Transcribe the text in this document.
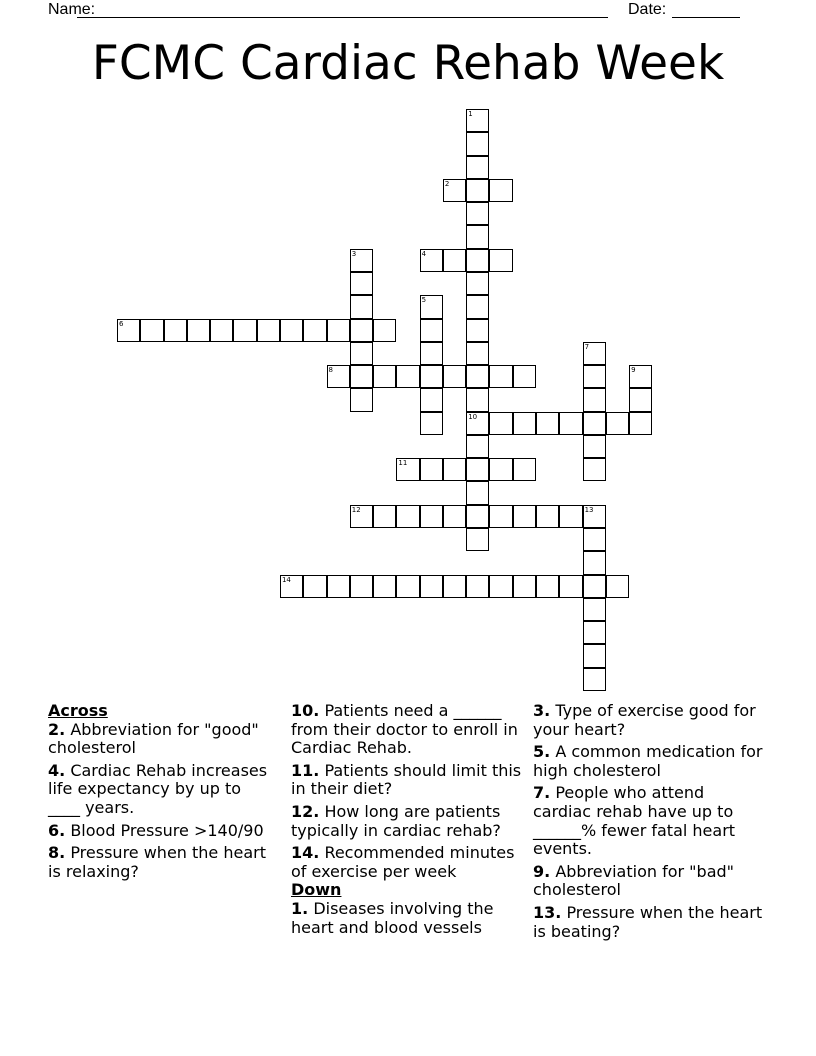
Name:	Date:
FCMC Cardiac Rehab Week
1
10
2
3	4
5
6
7
8	9
11
12	13
14
Across
2. Abbreviation for "good" cholesterol
4. Cardiac Rehab increases life expectancy by up to ____ years.
6. Blood Pressure >140/90
8. Pressure when the heart is relaxing?
10. Patients need a ______ from their doctor to enroll in Cardiac Rehab.
11. Patients should limit this in their diet?
12. How long are patients typically in cardiac rehab?
14. Recommended minutes of exercise per week
Down
1. Diseases involving the heart and blood vessels
3. Type of exercise good for your heart?
5. A common medication for high cholesterol
7. People who attend cardiac rehab have up to ______% fewer fatal heart events.
9. Abbreviation for "bad" cholesterol
13. Pressure when the heart is beating?
